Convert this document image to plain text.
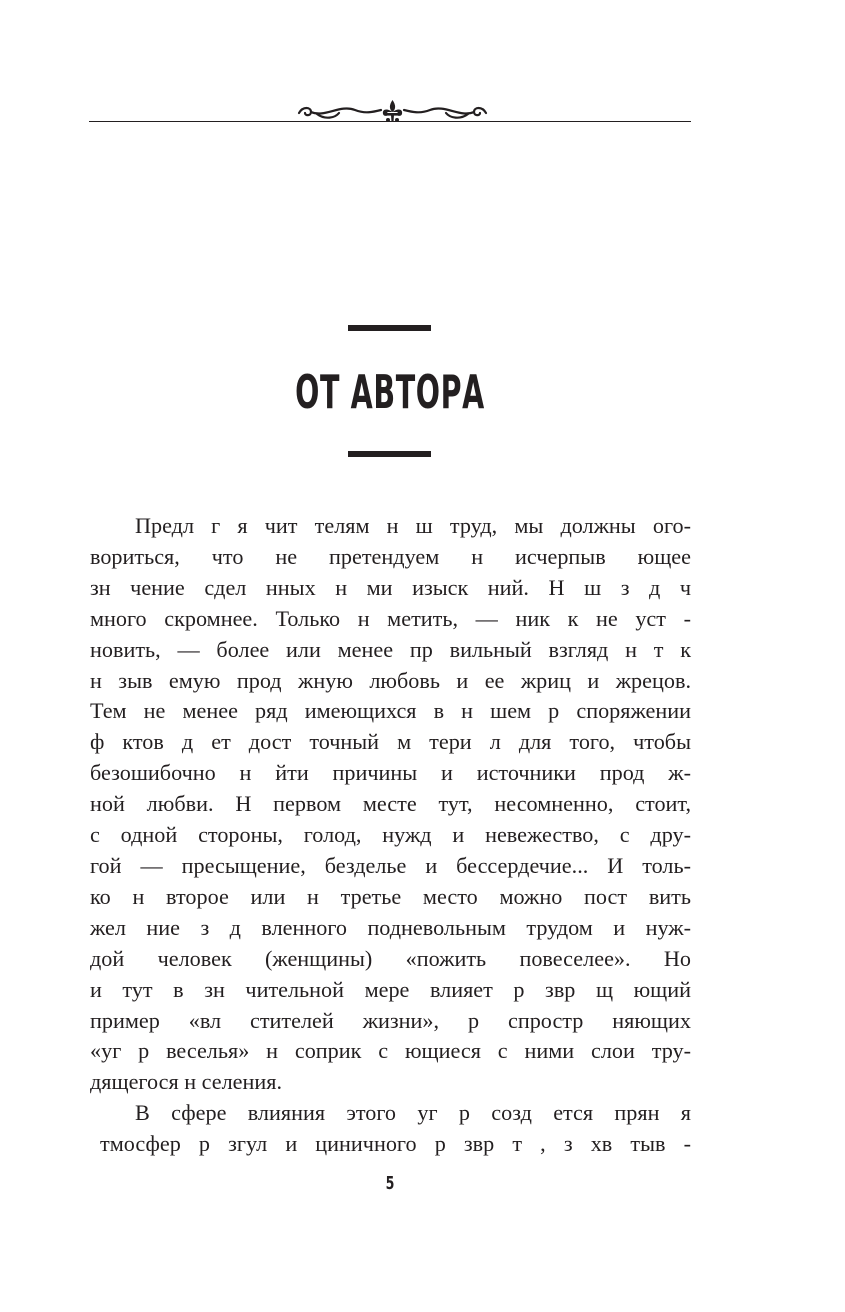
ОТ АВТОРА
Предл г я чит телям н ш труд, мы должны ого-
вориться, что не претендуем н исчерпыв ющее
зн чение сдел нных н ми изыск ний. Н ш з д ч
много скромнее. Только н метить, — ник к не уст -
новить, — более или менее пр вильный взгляд н т к
н зыв емую прод жную любовь и ее жриц и жрецов.
Тем не менее ряд имеющихся в н шем р споряжении
ф ктов д ет дост точный м тери л для того, чтобы
безошибочно н йти причины и источники прод ж-
ной любви. Н первом месте тут, несомненно, стоит,
с одной стороны, голод, нужд и невежество, с дру-
гой — пресыщение, безделье и бессердечие... И толь-
ко н второе или н третье место можно пост вить
жел ние з д вленного подневольным трудом и нуж-
дой человек (женщины) «пожить повеселее». Но
и тут в зн чительной мере влияет р звр щ ющий
пример «вл стителей жизни», р спростр няющих
«уг р веселья» н соприк с ющиеся с ними слои тру-
дящегося н селения.
В сфере влияния этого уг р созд ется прян я
тмосфер р згул и циничного р звр т , з хв тыв -
5
